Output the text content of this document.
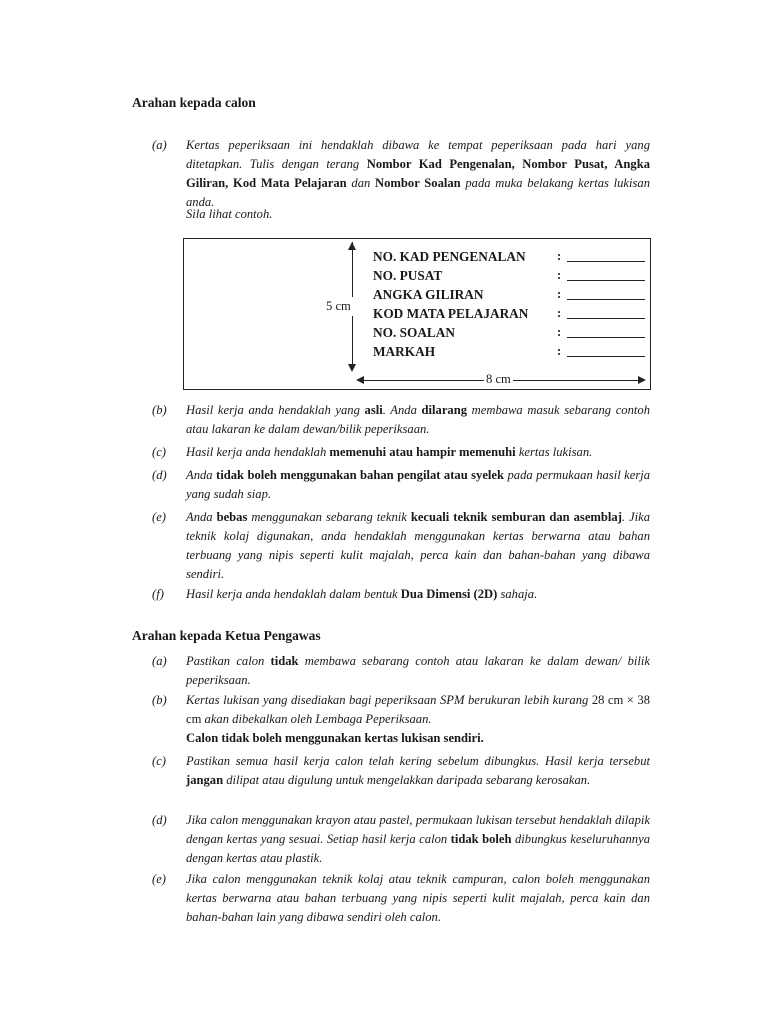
Arahan kepada calon
(a) Kertas peperiksaan ini hendaklah dibawa ke tempat peperiksaan pada hari yang ditetapkan. Tulis dengan terang Nombor Kad Pengenalan, Nombor Pusat, Angka Giliran, Kod Mata Pelajaran dan Nombor Soalan pada muka belakang kertas lukisan anda.
Sila lihat contoh.
5 cm
8 cm
NO. KAD PENGENALAN
NO. PUSAT
ANGKA GILIRAN
KOD MATA PELAJARAN
NO. SOALAN
MARKAH
:
:
:
:
:
:
(b) Hasil kerja anda hendaklah yang asli. Anda dilarang membawa masuk sebarang contoh atau lakaran ke dalam dewan/bilik peperiksaan.
(c) Hasil kerja anda hendaklah memenuhi atau hampir memenuhi kertas lukisan.
(d) Anda tidak boleh menggunakan bahan pengilat atau syelek pada permukaan hasil kerja yang sudah siap.
(e) Anda bebas menggunakan sebarang teknik kecuali teknik semburan dan asemblaj. Jika teknik kolaj digunakan, anda hendaklah menggunakan kertas berwarna atau bahan terbuang yang nipis seperti kulit majalah, perca kain dan bahan-bahan yang dibawa sendiri.
(f) Hasil kerja anda hendaklah dalam bentuk Dua Dimensi (2D) sahaja.
Arahan kepada Ketua Pengawas
(a) Pastikan calon tidak membawa sebarang contoh atau lakaran ke dalam dewan/ bilik peperiksaan.
(b) Kertas lukisan yang disediakan bagi peperiksaan SPM berukuran lebih kurang 28 cm × 38 cm akan dibekalkan oleh Lembaga Peperiksaan.
Calon tidak boleh menggunakan kertas lukisan sendiri.
(c) Pastikan semua hasil kerja calon telah kering sebelum dibungkus. Hasil kerja tersebut jangan dilipat atau digulung untuk mengelakkan daripada sebarang kerosakan.
(d) Jika calon menggunakan krayon atau pastel, permukaan lukisan tersebut hendaklah dilapik dengan kertas yang sesuai. Setiap hasil kerja calon tidak boleh dibungkus keseluruhannya dengan kertas atau plastik.
(e) Jika calon menggunakan teknik kolaj atau teknik campuran, calon boleh menggunakan kertas berwarna atau bahan terbuang yang nipis seperti kulit majalah, perca kain dan bahan-bahan lain yang dibawa sendiri oleh calon.
